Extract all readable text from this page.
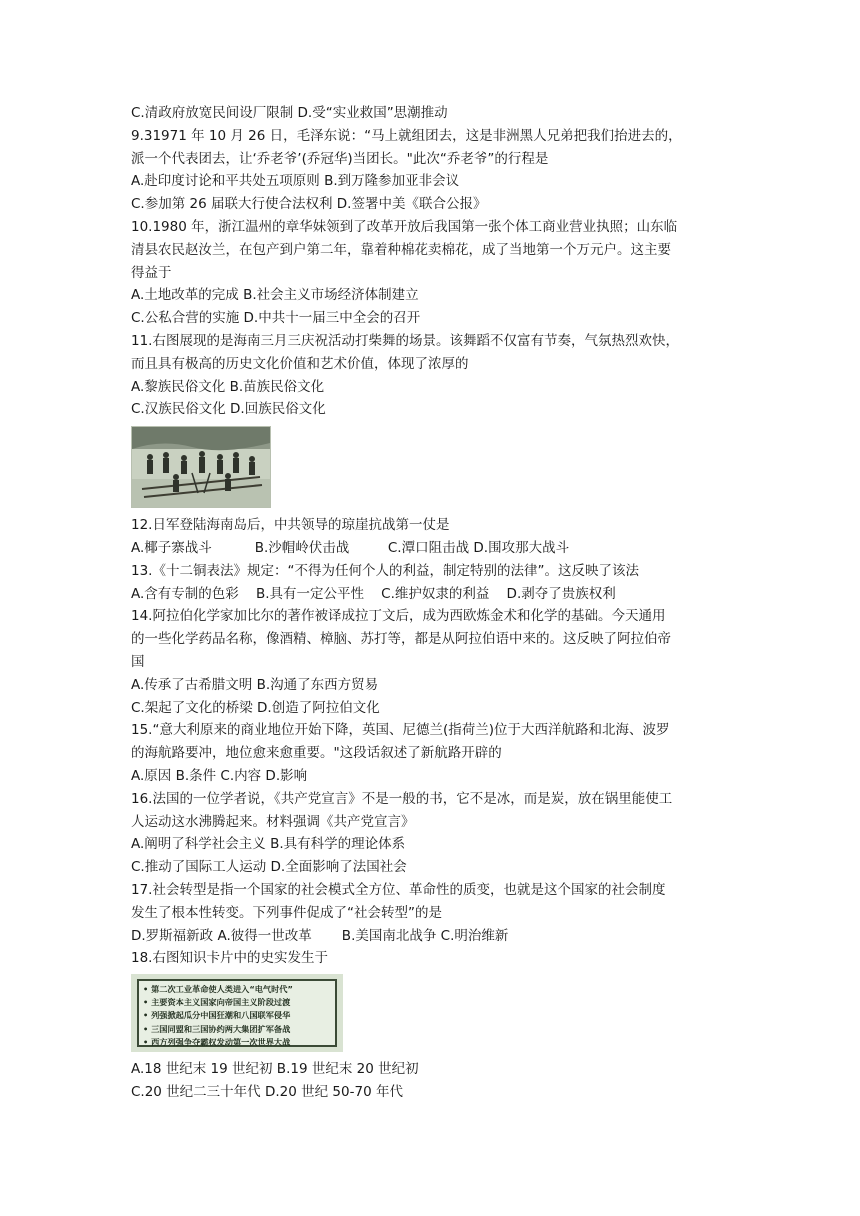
C.清政府放宽民间设厂限制 D.受“实业救国”思潮推动
9.31971 年 10 月 26 日，毛泽东说：“马上就组团去，这是非洲黑人兄弟把我们抬进去的，
派一个代表团去，让‘乔老爷’(乔冠华)当团长。"此次“乔老爷”的行程是
A.赴印度讨论和平共处五项原则 B.到万隆参加亚非会议
C.参加第 26 届联大行使合法权利 D.签署中美《联合公报》
10.1980 年，浙江温州的章华妹领到了改革开放后我国第一张个体工商业营业执照；山东临
清县农民赵汝兰，在包产到户第二年，靠着种棉花卖棉花，成了当地第一个万元户。这主要
得益于
A.土地改革的完成 B.社会主义市场经济体制建立
C.公私合营的实施 D.中共十一届三中全会的召开
11.右图展现的是海南三月三庆祝活动打柴舞的场景。该舞蹈不仅富有节奏，气氛热烈欢快，
而且具有极高的历史文化价值和艺术价值，体现了浓厚的
A.黎族民俗文化 B.苗族民俗文化
C.汉族民俗文化 D.回族民俗文化
12.日军登陆海南岛后，中共领导的琼崖抗战第一仗是
A.椰子寨战斗          B.沙帽岭伏击战         C.潭口阻击战 D.围攻那大战斗
13.《十二铜表法》规定：“不得为任何个人的利益，制定特别的法律”。这反映了该法
A.含有专制的色彩    B.具有一定公平性    C.维护奴隶的利益    D.剥夺了贵族权利
14.阿拉伯化学家加比尔的著作被译成拉丁文后，成为西欧炼金术和化学的基础。今天通用
的一些化学药品名称，像酒精、樟脑、苏打等，都是从阿拉伯语中来的。这反映了阿拉伯帝
国
A.传承了古希腊文明 B.沟通了东西方贸易
C.架起了文化的桥梁 D.创造了阿拉伯文化
15.“意大利原来的商业地位开始下降，英国、尼德兰(指荷兰)位于大西洋航路和北海、波罗
的海航路要冲，地位愈来愈重要。"这段话叙述了新航路开辟的
A.原因 B.条件 C.内容 D.影响
16.法国的一位学者说，《共产党宣言》不是一般的书，它不是冰，而是炭，放在锅里能使工
人运动这水沸腾起来。材料强调《共产党宣言》
A.阐明了科学社会主义 B.具有科学的理论体系
C.推动了国际工人运动 D.全面影响了法国社会
17.社会转型是指一个国家的社会模式全方位、革命性的质变，也就是这个国家的社会制度
发生了根本性转变。下列事件促成了“社会转型”的是
D.罗斯福新政 A.彼得一世改革       B.美国南北战争 C.明治维新
18.右图知识卡片中的史实发生于
• 第二次工业革命使人类进入“电气时代”
• 主要资本主义国家向帝国主义阶段过渡
• 列强掀起瓜分中国狂潮和八国联军侵华
• 三国同盟和三国协约两大集团扩军备战
• 西方列强争夺霸权发动第一次世界大战
A.18 世纪末 19 世纪初 B.19 世纪末 20 世纪初
C.20 世纪二三十年代 D.20 世纪 50-70 年代
